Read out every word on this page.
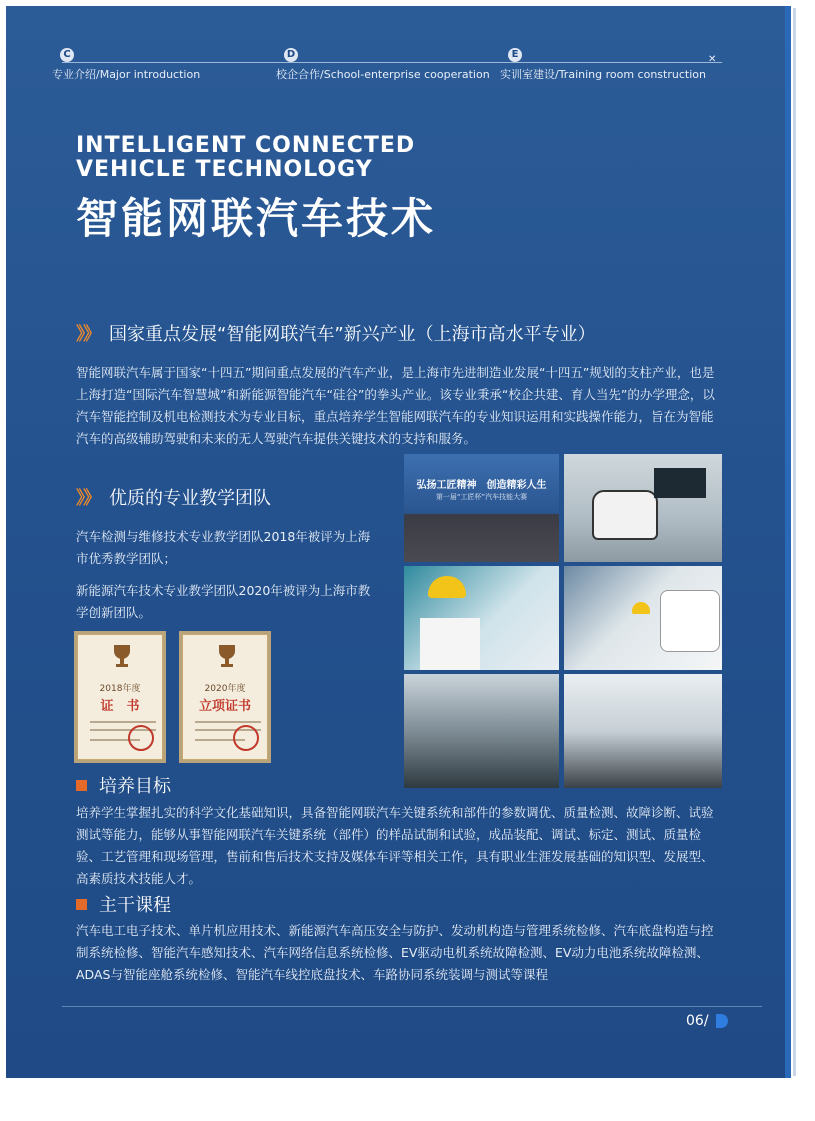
C
专业介绍/Major introduction
D
校企合作/School-enterprise cooperation
E
实训室建设/Training room construction
✕
INTELLIGENT CONNECTED
VEHICLE TECHNOLOGY
智能网联汽车技术
》》 国家重点发展“智能网联汽车”新兴产业（上海市高水平专业）
智能网联汽车属于国家“十四五”期间重点发展的汽车产业，是上海市先进制造业发展“十四五”规划的支柱产业，也是上海打造“国际汽车智慧城”和新能源智能汽车“硅谷”的拳头产业。该专业秉承“校企共建、育人当先”的办学理念，以汽车智能控制及机电检测技术为专业目标，重点培养学生智能网联汽车的专业知识运用和实践操作能力，旨在为智能汽车的高级辅助驾驶和未来的无人驾驶汽车提供关键技术的支持和服务。
》》 优质的专业教学团队
汽车检测与维修技术专业教学团队2018年被评为上海市优秀教学团队；
新能源汽车技术专业教学团队2020年被评为上海市教学创新团队。
2018年度
证　书
2020年度
立项证书
弘扬工匠精神　创造精彩人生
第一届“工匠杯”汽车技能大赛
培养目标
培养学生掌握扎实的科学文化基础知识，具备智能网联汽车关键系统和部件的参数调优、质量检测、故障诊断、试验测试等能力，能够从事智能网联汽车关键系统（部件）的样品试制和试验，成品装配、调试、标定、测试、质量检验、工艺管理和现场管理，售前和售后技术支持及媒体车评等相关工作，具有职业生涯发展基础的知识型、发展型、高素质技术技能人才。
主干课程
汽车电工电子技术、单片机应用技术、新能源汽车高压安全与防护、发动机构造与管理系统检修、汽车底盘构造与控制系统检修、智能汽车感知技术、汽车网络信息系统检修、EV驱动电机系统故障检测、EV动力电池系统故障检测、ADAS与智能座舱系统检修、智能汽车线控底盘技术、车路协同系统装调与测试等课程
06/
